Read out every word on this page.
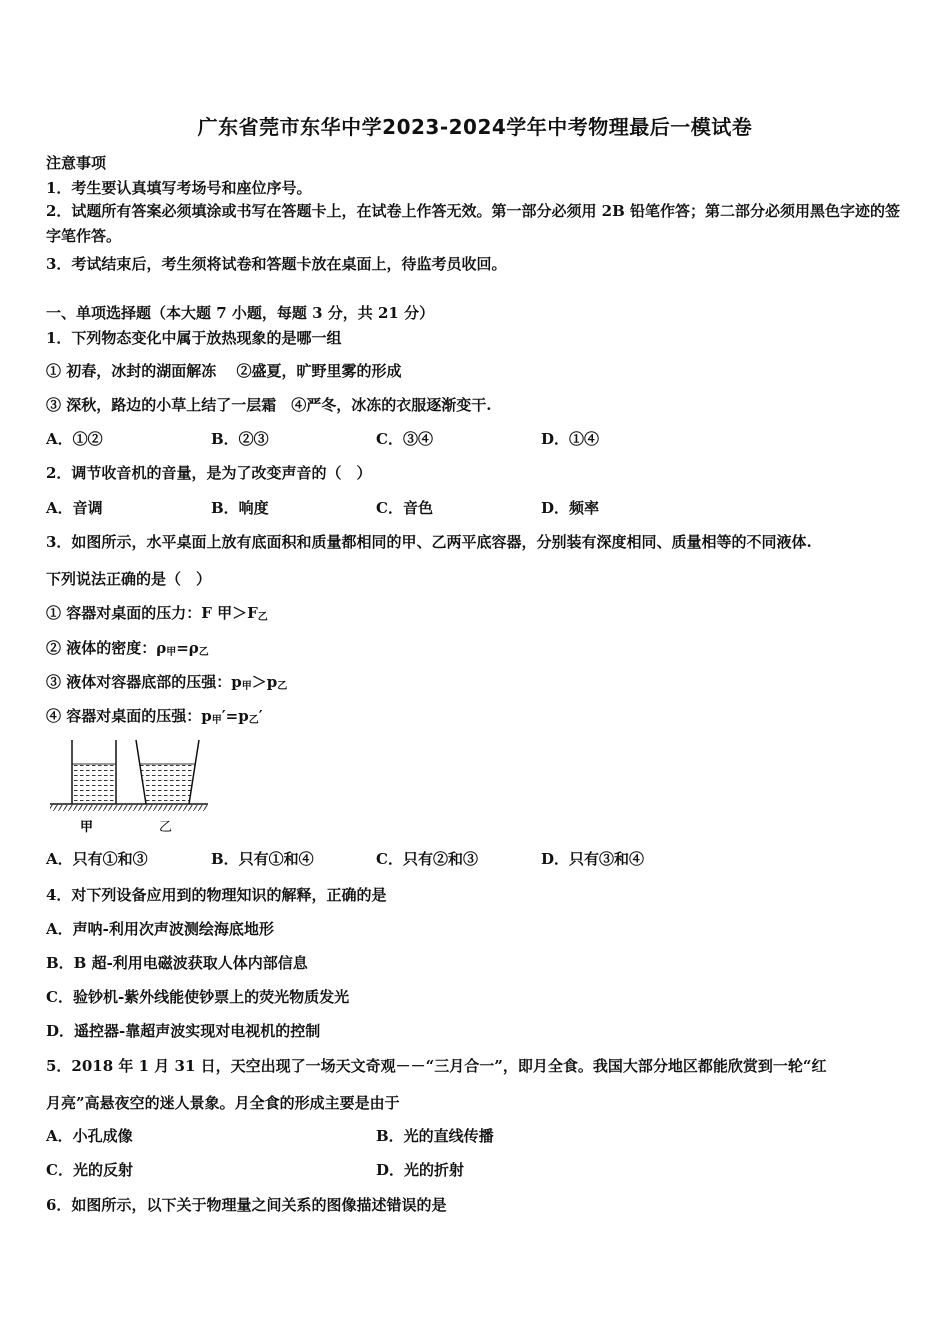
广东省莞市东华中学2023-2024学年中考物理最后一模试卷
注意事项
1．考生要认真填写考场号和座位序号。
2．试题所有答案必须填涂或书写在答题卡上，在试卷上作答无效。第一部分必须用 2B 铅笔作答；第二部分必须用黑色字迹的签字笔作答。
3．考试结束后，考生须将试卷和答题卡放在桌面上，待监考员收回。
一、单项选择题（本大题 7 小题，每题 3 分，共 21 分）
1．下列物态变化中属于放热现象的是哪一组
① 初春，冰封的湖面解冻　 ②盛夏，旷野里雾的形成
③ 深秋，路边的小草上结了一层霜　④严冬，冰冻的衣服逐渐变干.
A．①②	B．②③	C．③④	D．①④
2．调节收音机的音量，是为了改变声音的（　）
A．音调	B．响度	C．音色	D．频率
3．如图所示，水平桌面上放有底面积和质量都相同的甲、乙两平底容器，分别装有深度相同、质量相等的不同液体.
下列说法正确的是（　）
① 容器对桌面的压力：F 甲$>F_乙$
② 液体的密度：$\rho_甲=\rho_乙$
③ 液体对容器底部的压强：$p_甲>p_乙$
④ 容器对桌面的压强：$p_甲'=p_乙'$
甲	乙
A．只有①和③	B．只有①和④	C．只有②和③	D．只有③和④
4．对下列设备应用到的物理知识的解释，正确的是
A．声呐-利用次声波测绘海底地形
B．B 超-利用电磁波获取人体内部信息
C．验钞机-紫外线能使钞票上的荧光物质发光
D．遥控器-靠超声波实现对电视机的控制
5．2018 年 1 月 31 日，天空出现了一场天文奇观－－“三月合一”，即月全食。我国大部分地区都能欣赏到一轮“红
月亮”高悬夜空的迷人景象。月全食的形成主要是由于
A．小孔成像	B．光的直线传播
C．光的反射	D．光的折射
6．如图所示，以下关于物理量之间关系的图像描述错误的是
